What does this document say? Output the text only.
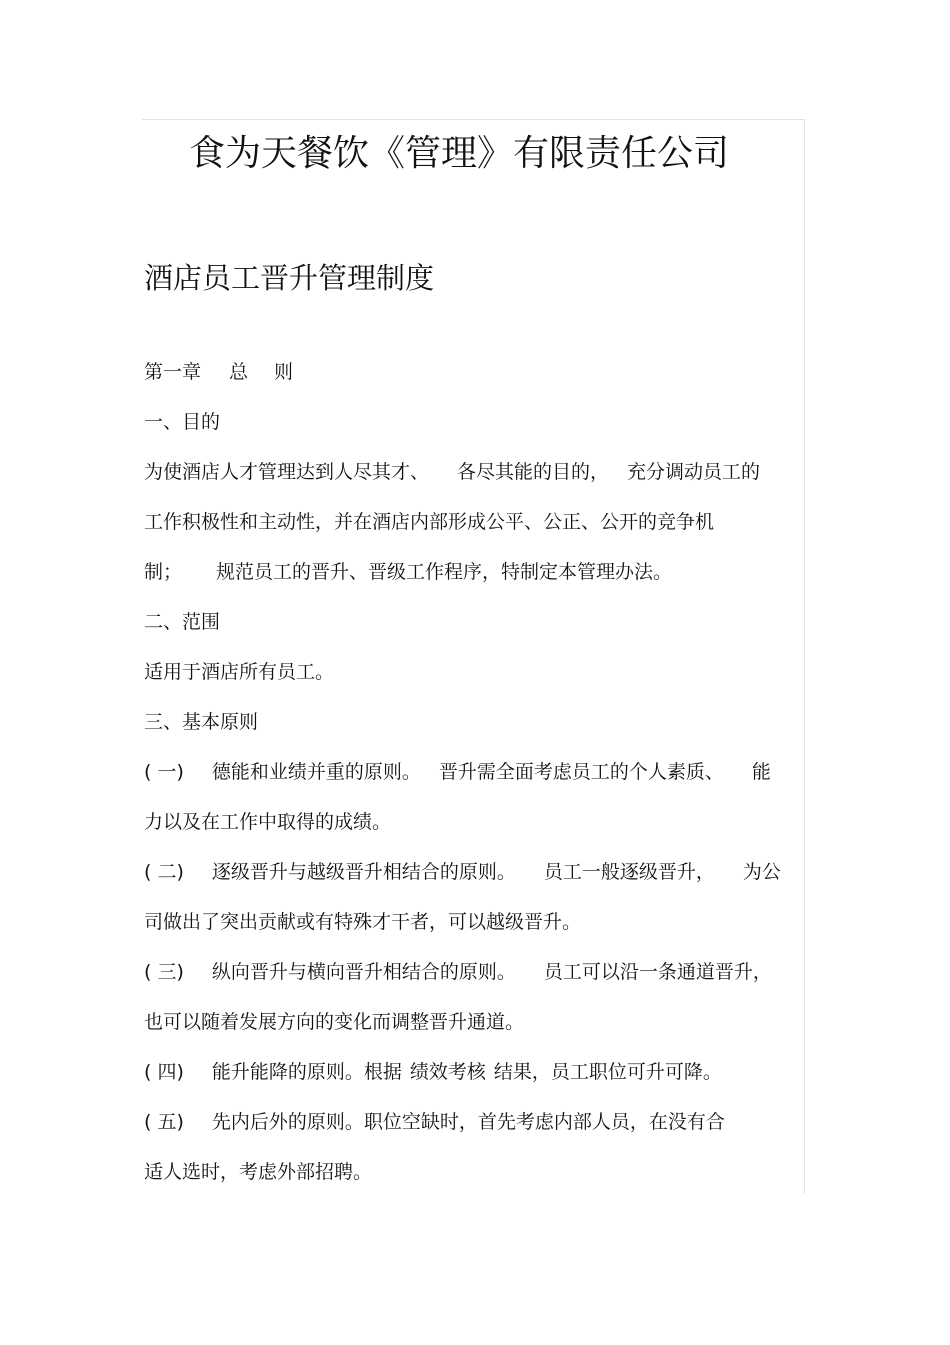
食为天餐饮《管理》有限责任公司
酒店员工晋升管理制度
第一章 总 则
一、目的
为使酒店人才管理达到人尽其才、 各尽其能的目的， 充分调动员工的
工作积极性和主动性，并在酒店内部形成公平、公正、公开的竞争机
制； 规范员工的晋升、晋级工作程序，特制定本管理办法。
二、范围
适用于酒店所有员工。
三、基本原则
( 一) 德能和业绩并重的原则。 晋升需全面考虑员工的个人素质、 能
力以及在工作中取得的成绩。
( 二) 逐级晋升与越级晋升相结合的原则。 员工一般逐级晋升， 为公
司做出了突出贡献或有特殊才干者，可以越级晋升。
( 三) 纵向晋升与横向晋升相结合的原则。 员工可以沿一条通道晋升，
也可以随着发展方向的变化而调整晋升通道。
( 四) 能升能降的原则。根据 绩效考核 结果，员工职位可升可降。
( 五) 先内后外的原则。职位空缺时，首先考虑内部人员，在没有合
适人选时，考虑外部招聘。
